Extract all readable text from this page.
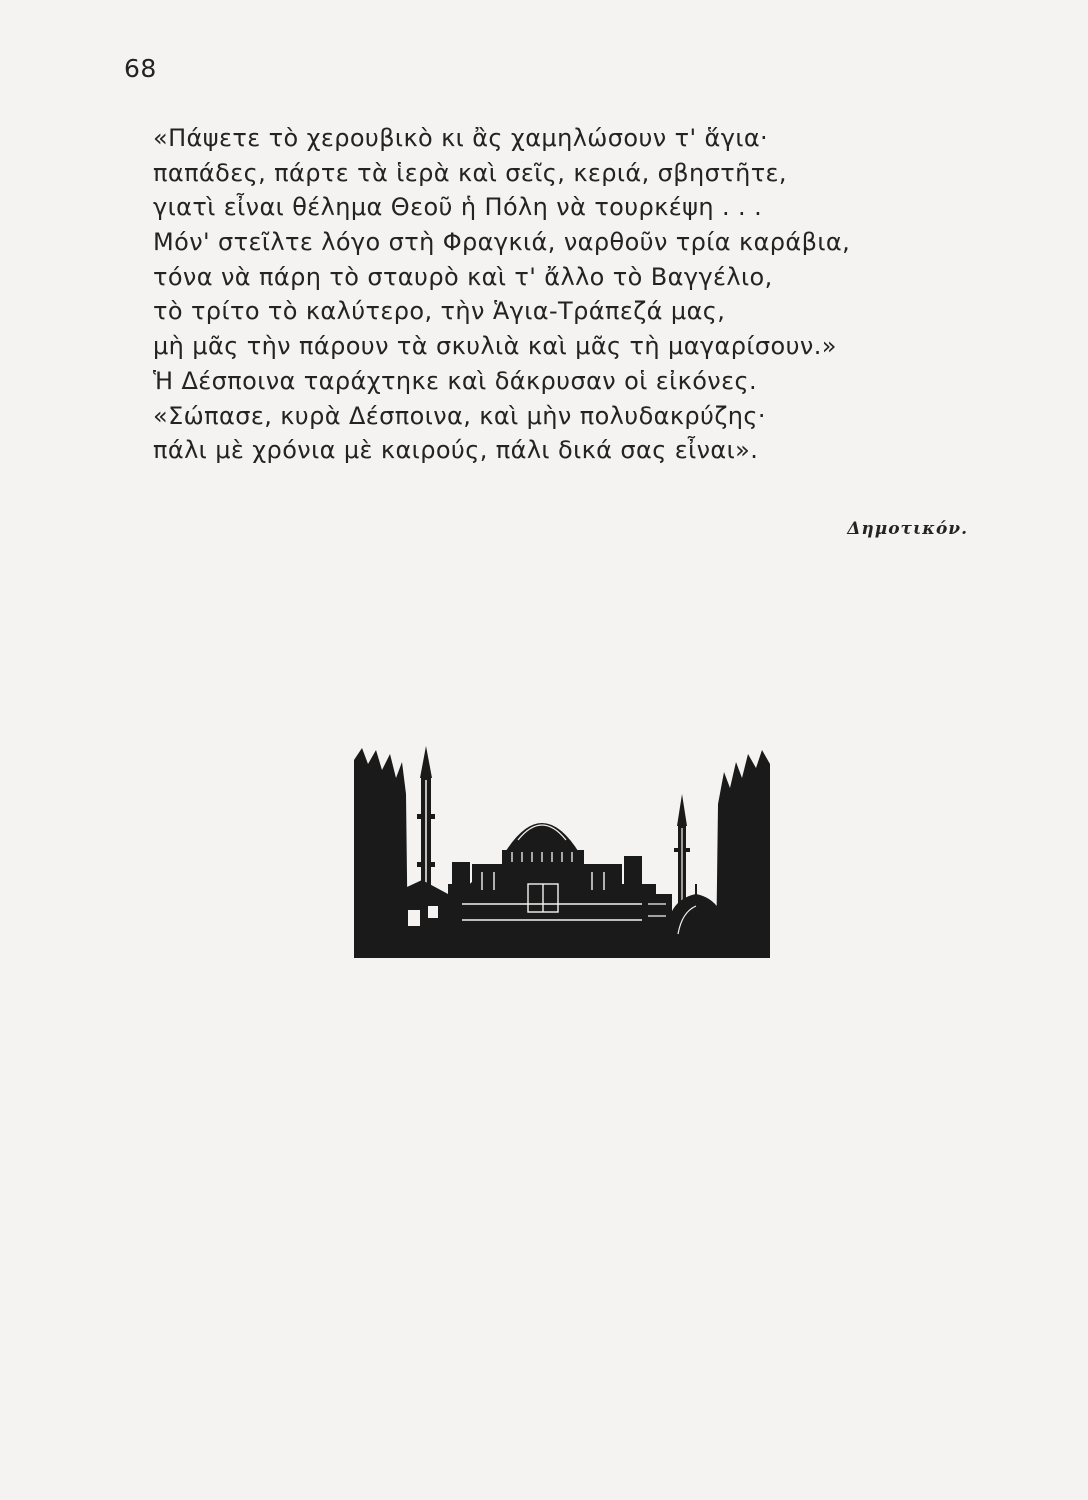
68
«Πάψετε τὸ χερουβικὸ κι ἂς χαμηλώσουν τ' ἅγια·
παπάδες, πάρτε τὰ ἱερὰ καὶ σεῖς, κεριά, σβηστῆτε,
γιατὶ εἶναι θέλημα Θεοῦ ἡ Πόλη νὰ τουρκέψη . . .
Μόν' στεῖλτε λόγο στὴ Φραγκιά, ναρθοῦν τρία καράβια,
τόνα νὰ πάρη τὸ σταυρὸ καὶ τ' ἄλλο τὸ Βαγγέλιο,
τὸ τρίτο τὸ καλύτερο, τὴν Ἁγια-Τράπεζά μας,
μὴ μᾶς τὴν πάρουν τὰ σκυλιὰ καὶ μᾶς τὴ μαγαρίσουν.»
Ἡ Δέσποινα ταράχτηκε καὶ δάκρυσαν οἱ εἰκόνες.
«Σώπασε, κυρὰ Δέσποινα, καὶ μὴν πολυδακρύζης·
πάλι μὲ χρόνια μὲ καιρούς, πάλι δικά σας εἶναι».
Δημοτικόν.
